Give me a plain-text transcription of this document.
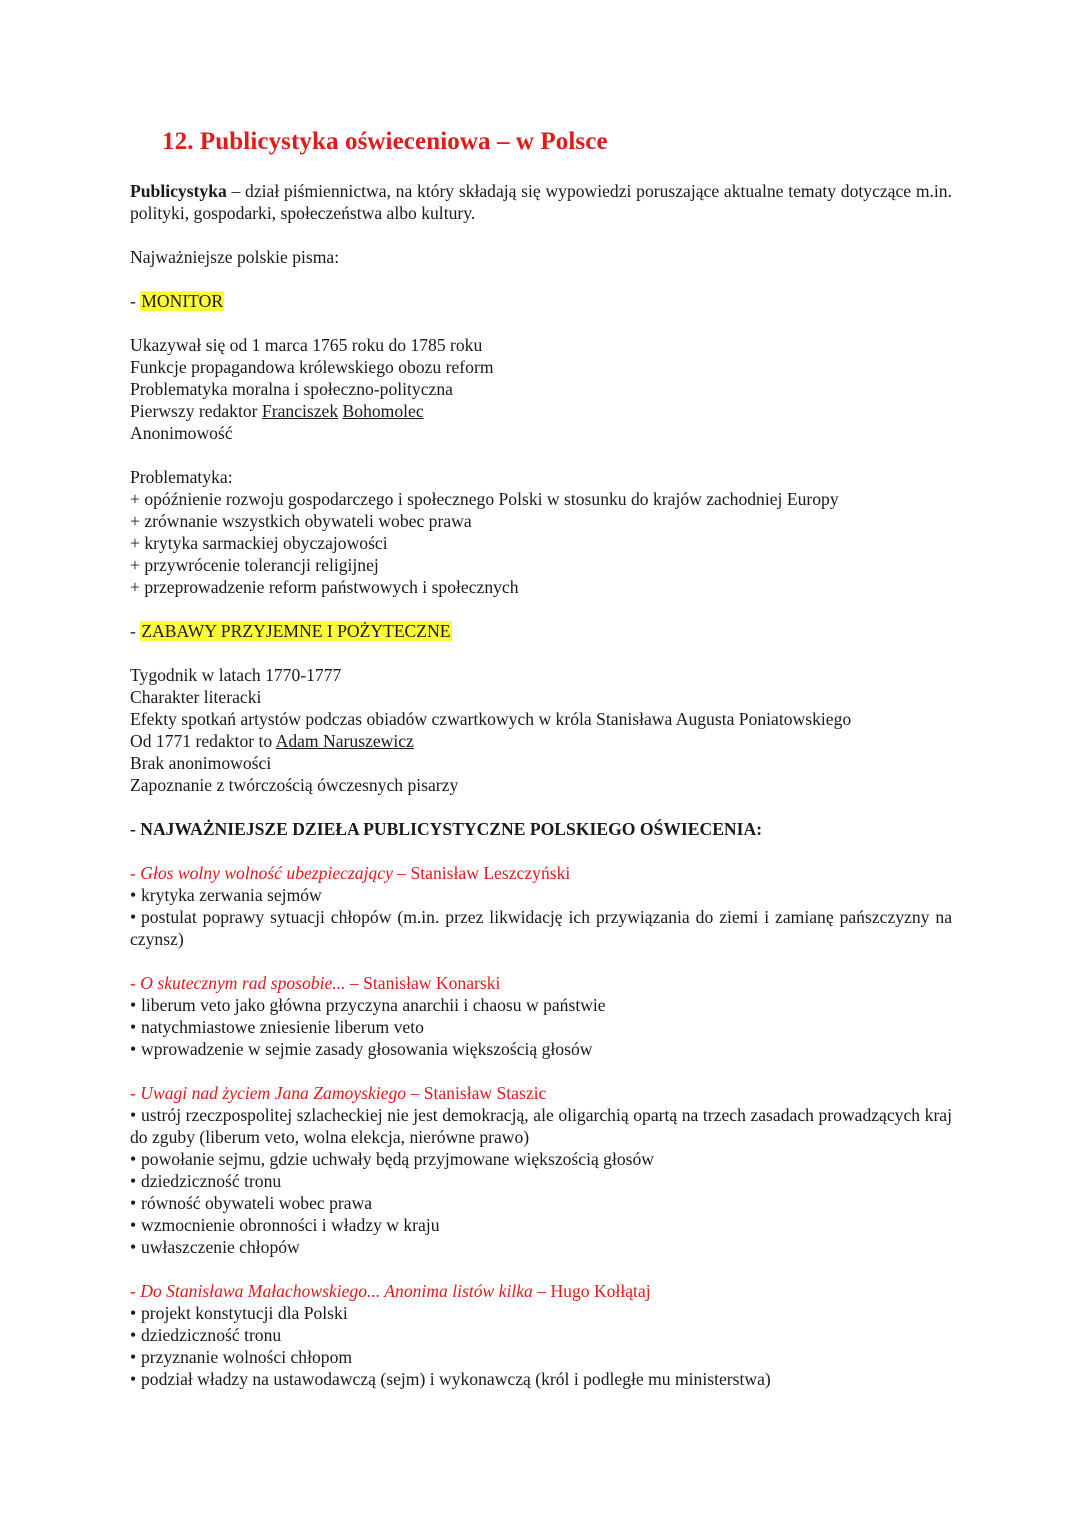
12. Publicystyka oświeceniowa – w Polsce

Publicystyka – dział piśmiennictwa, na który składają się wypowiedzi poruszające aktualne tematy dotyczące m.in. polityki, gospodarki, społeczeństwa albo kultury.

Najważniejsze polskie pisma:

- MONITOR

Ukazywał się od 1 marca 1765 roku do 1785 roku

Funkcje propagandowa królewskiego obozu reform

Problematyka moralna i społeczno-polityczna

Pierwszy redaktor Franciszek Bohomolec

Anonimowość

Problematyka:

+ opóźnienie rozwoju gospodarczego i społecznego Polski w stosunku do krajów zachodniej Europy

+ zrównanie wszystkich obywateli wobec prawa

+ krytyka sarmackiej obyczajowości

+ przywrócenie tolerancji religijnej

+ przeprowadzenie reform państwowych i społecznych

- ZABAWY PRZYJEMNE I POŻYTECZNE

Tygodnik w latach 1770-1777

Charakter literacki

Efekty spotkań artystów podczas obiadów czwartkowych w króla Stanisława Augusta Poniatowskiego

Od 1771 redaktor to Adam Naruszewicz

Brak anonimowości

Zapoznanie z twórczością ówczesnych pisarzy

- NAJWAŻNIEJSZE DZIEŁA PUBLICYSTYCZNE POLSKIEGO OŚWIECENIA:

- Głos wolny wolność ubezpieczający – Stanisław Leszczyński

• krytyka zerwania sejmów

• postulat poprawy sytuacji chłopów (m.in. przez likwidację ich przywiązania do ziemi i zamianę pańszczyzny na czynsz)

- O skutecznym rad sposobie... – Stanisław Konarski

• liberum veto jako główna przyczyna anarchii i chaosu w państwie

• natychmiastowe zniesienie liberum veto

• wprowadzenie w sejmie zasady głosowania większością głosów

- Uwagi nad życiem Jana Zamoyskiego – Stanisław Staszic

• ustrój rzeczpospolitej szlacheckiej nie jest demokracją, ale oligarchią opartą na trzech zasadach prowadzących kraj do zguby (liberum veto, wolna elekcja, nierówne prawo)

• powołanie sejmu, gdzie uchwały będą przyjmowane większością głosów

• dziedziczność tronu

• równość obywateli wobec prawa

• wzmocnienie obronności i władzy w kraju

• uwłaszczenie chłopów

- Do Stanisława Małachowskiego... Anonima listów kilka – Hugo Kołłątaj

• projekt konstytucji dla Polski

• dziedziczność tronu

• przyznanie wolności chłopom

• podział władzy na ustawodawczą (sejm) i wykonawczą (król i podległe mu ministerstwa)
